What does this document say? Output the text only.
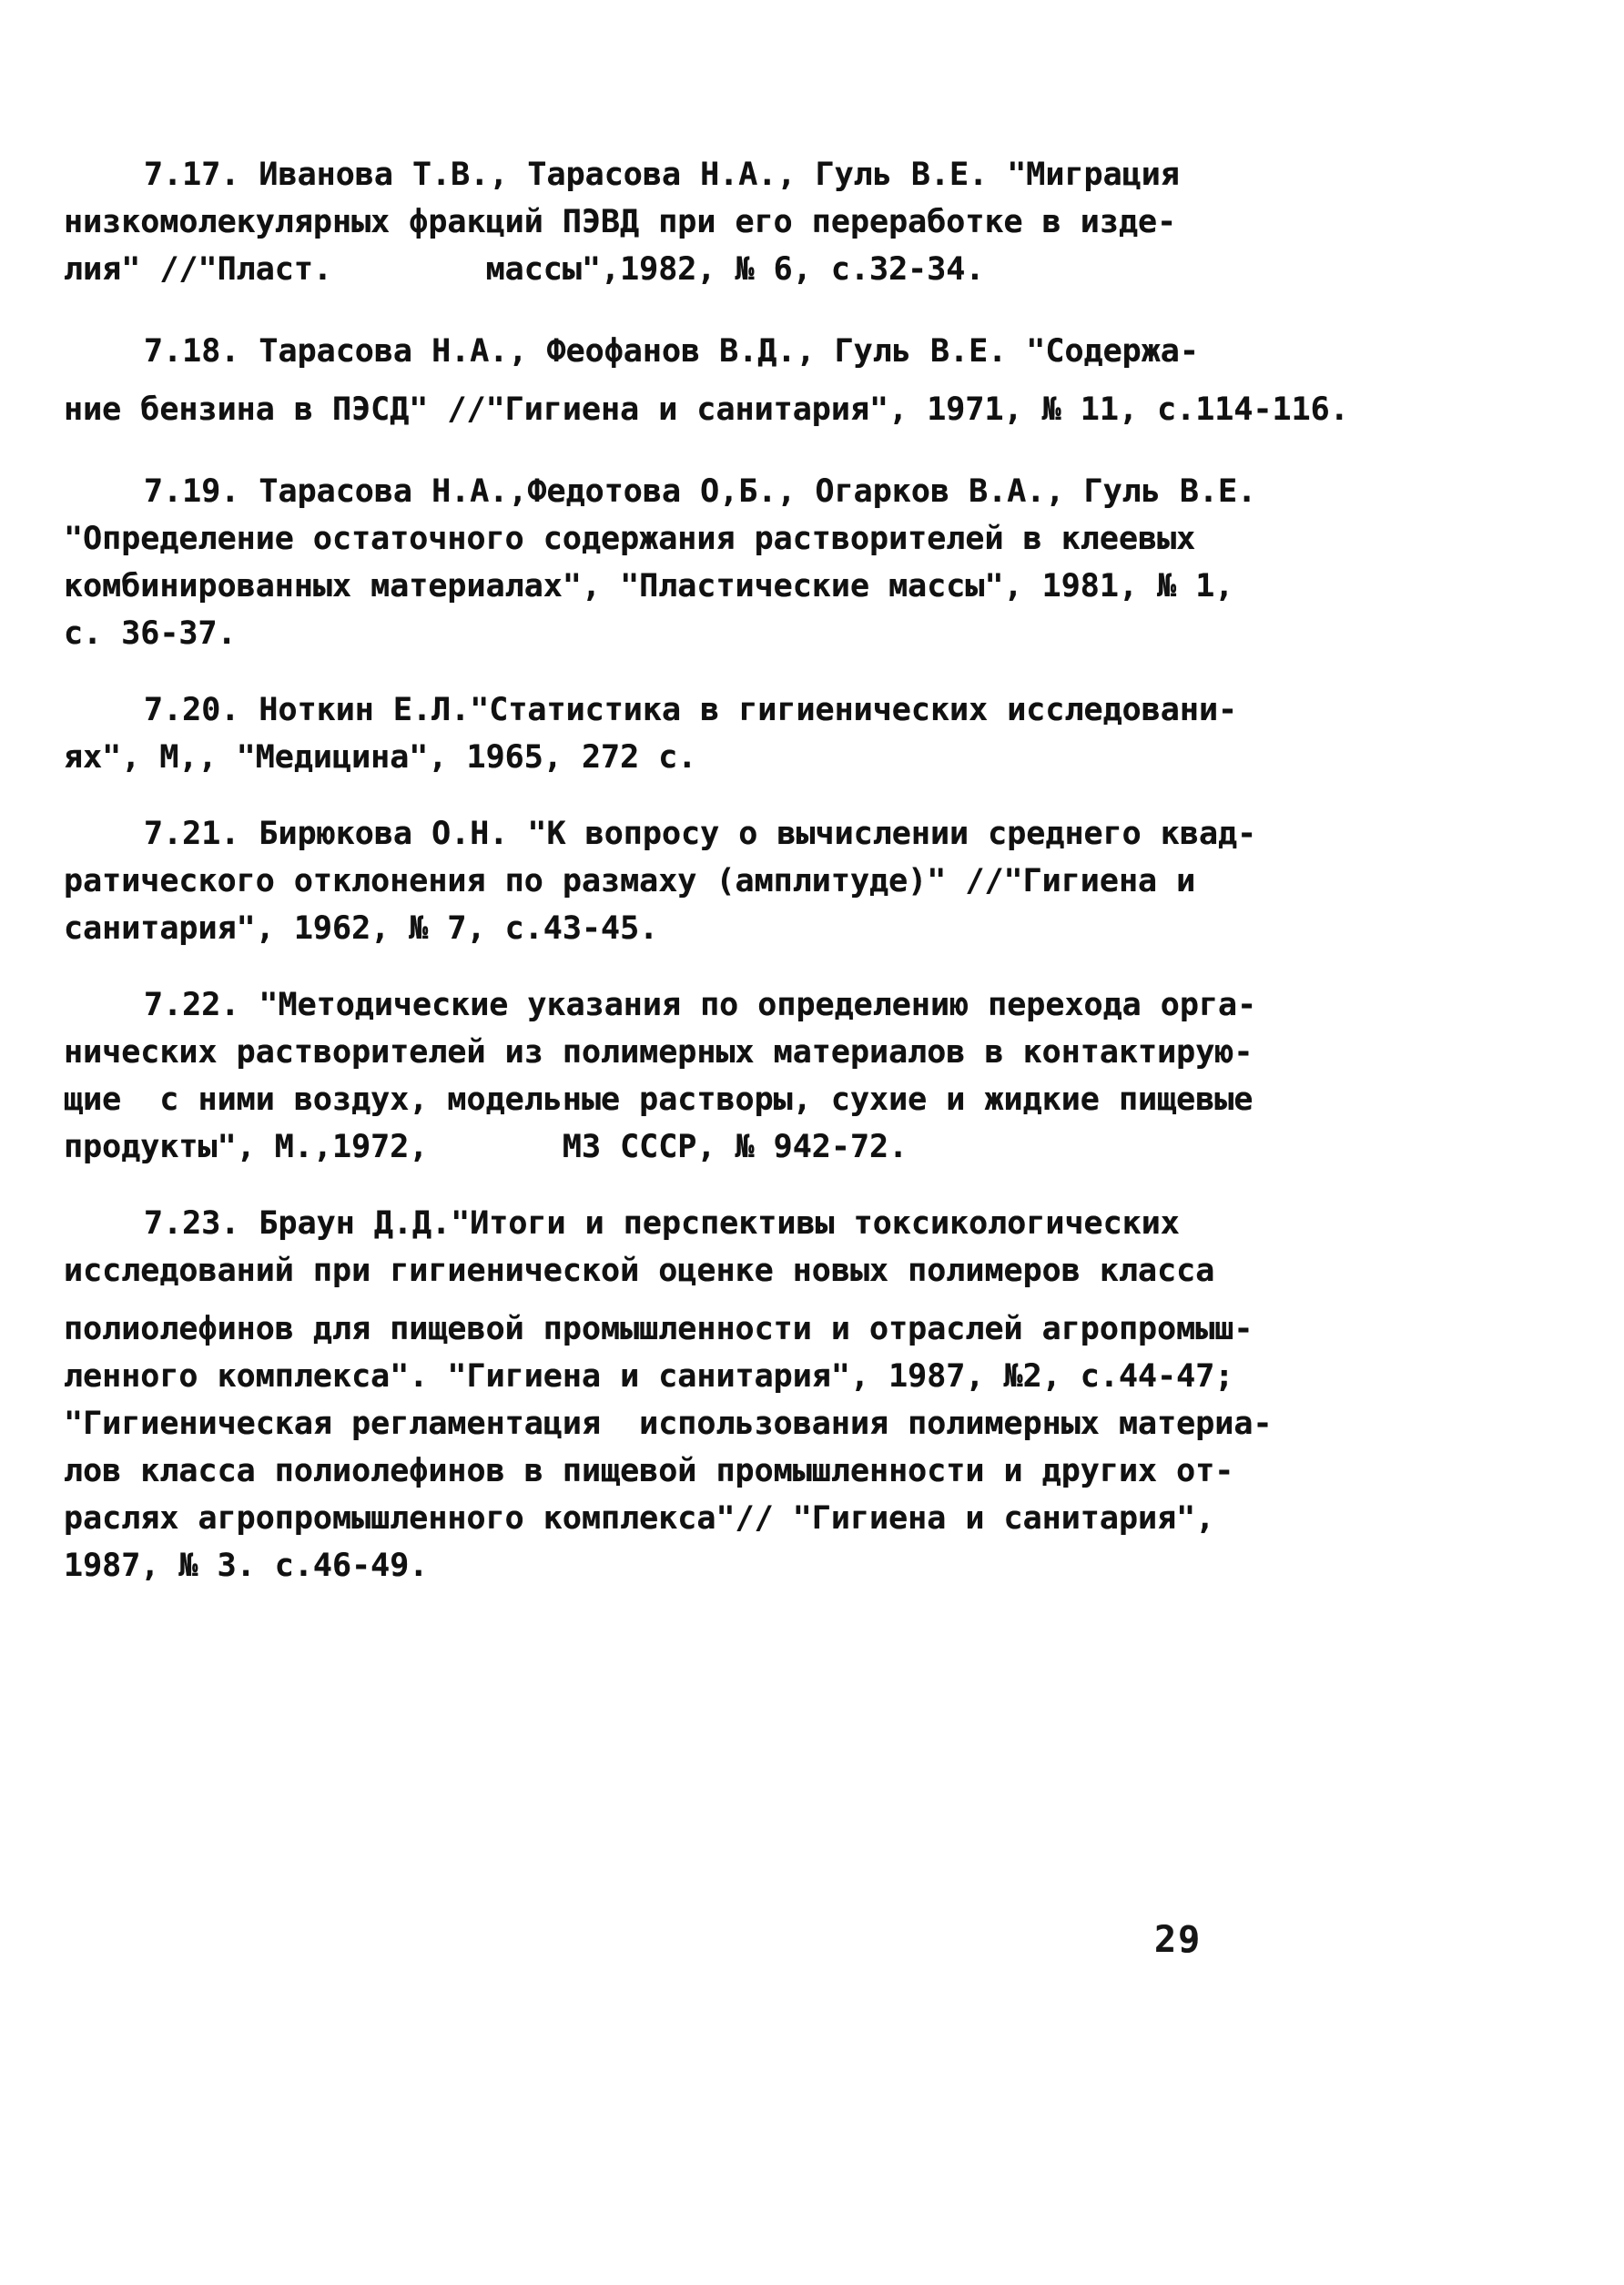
7.17. Иванова Т.В., Тарасова Н.А., Гуль В.Е. "Миграция
низкомолекулярных фракций ПЭВД при его переработке в изде-
лия" //"Пласт.        массы",1982, № 6, с.32-34.
7.18. Тарасова Н.А., Феофанов В.Д., Гуль В.Е. "Содержа-
ние бензина в ПЭСД" //"Гигиена и санитария", 1971, № 11, с.114-116.
7.19. Тарасова Н.А.,Федотова О,Б., Огарков В.А., Гуль В.Е.
"Определение остаточного содержания растворителей в клеевых
комбинированных материалах", "Пластические массы", 1981, № 1,
с. 36-37.
7.20. Ноткин Е.Л."Статистика в гигиенических исследовани-
ях", М,, "Медицина", 1965, 272 с.
7.21. Бирюкова О.Н. "К вопросу о вычислении среднего квад-
ратического отклонения по размаху (амплитуде)" //"Гигиена и
санитария", 1962, № 7, с.43-45.
7.22. "Методические указания по определению перехода орга-
нических растворителей из полимерных материалов в контактирую-
щие  с ними воздух, модельные растворы, сухие и жидкие пищевые
продукты", М.,1972,       МЗ СССР, № 942-72.
7.23. Браун Д.Д."Итоги и перспективы токсикологических
исследований при гигиенической оценке новых полимеров класса
полиолефинов для пищевой промышленности и отраслей агропромыш-
ленного комплекса". "Гигиена и санитария", 1987, №2, с.44-47;
"Гигиеническая регламентация  использования полимерных материа-
лов класса полиолефинов в пищевой промышленности и других от-
раслях агропромышленного комплекса"// "Гигиена и санитария",
1987, № 3. с.46-49.
29
